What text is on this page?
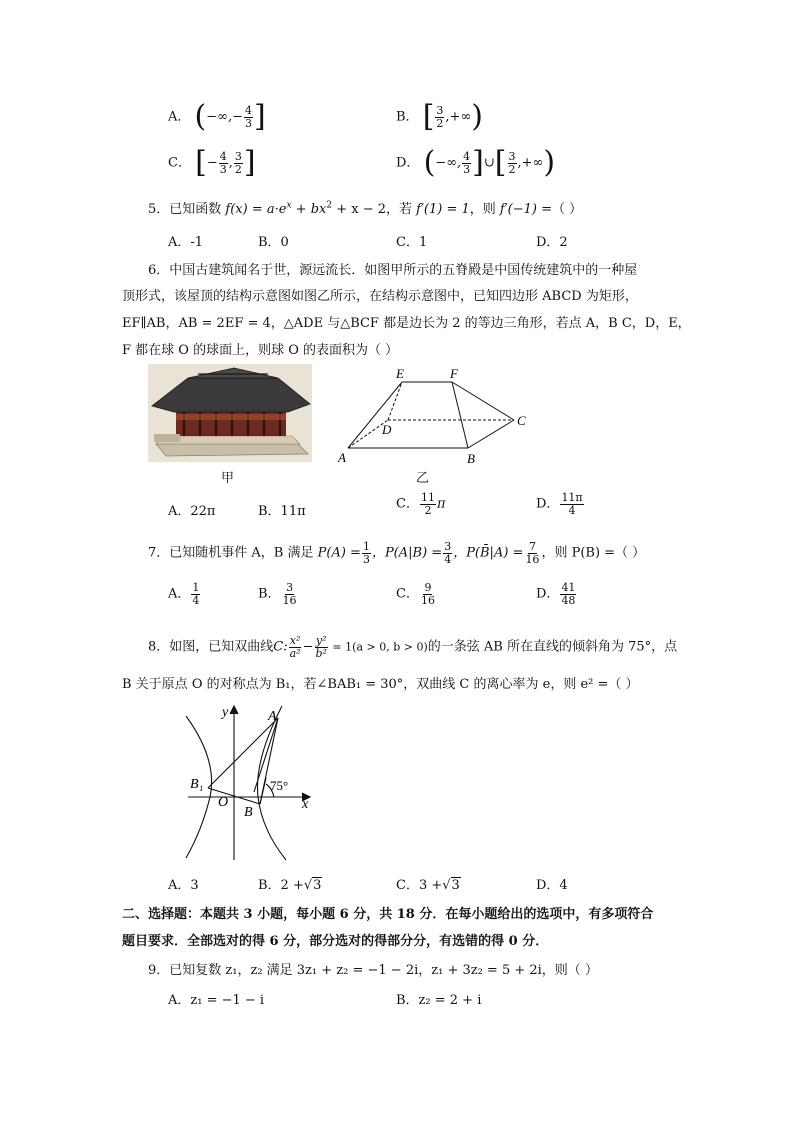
A． (−∞,− $\frac{4}{3}$ ]	B． [ $\frac{3}{2}$ ,+∞)
C． [− $\frac{4}{3}$ , $\frac{3}{2}$ ]	D． (−∞, $\frac{4}{3}$ ]∪[ $\frac{3}{2}$ ,+∞)
5．已知函数 $f(x) = a\cdot e^x + bx^2 + x - 2$，若 f′(1) = 1，则 f′(−1) =（ ）
A．-1	B．0	C．1	D．2
6．中国古建筑闻名于世，源远流长．如图甲所示的五脊殿是中国传统建筑中的一种屋
顶形式，该屋顶的结构示意图如图乙所示，在结构示意图中，已知四边形 ABCD 为矩形，
EF∥AB，AB = 2EF = 4，△ADE 与△BCF 都是边长为 2 的等边三角形，若点 A，B C，D，E，
F 都在球 O 的球面上，则球 O 的表面积为（ ）
甲
E	F
D
C
A	B
乙
A．22π	B．11π	C． $\frac{11}{2}$ π	D． $\frac{11\pi}{4}$
7．已知随机事件 A，B 满足 $P(A) = \frac{1}{3}$ ，$P(A|B) = \frac{3}{4}$ ，P(B̄|A) = $\frac{7}{16}$ ，则 P(B) =（ ）
A． $\frac{1}{4}$	B． $\frac{3}{16}$	C． $\frac{9}{16}$	D． $\frac{41}{48}$
8．如图，已知双曲线C: $\frac{\text{x²}}{\text{a²}} - \frac{\text{y²}}{\text{b²}} = 1(a > 0$, b > 0)的一条弦 AB 所在直线的倾斜角为 75°，点
B 关于原点 O 的对称点为 B₁，若∠BAB₁ = 30°，双曲线 C 的离心率为 e，则 e² =（ ）
y
x
A
B₁
O
B
75°
A．3	B．2 +√3	C．3 +√3	D．4
二、选择题：本题共 3 小题，每小题 6 分，共 18 分．在每小题给出的选项中，有多项符合
题目要求．全部选对的得 6 分，部分选对的得部分分，有选错的得 0 分．
9．已知复数 z₁，z₂ 满足 3z₁ + z₂ = −1 − 2i，z₁ + 3z₂ = 5 + 2i，则（ ）
A．z₁ = −1 − i	B．z₂ = 2 + i
